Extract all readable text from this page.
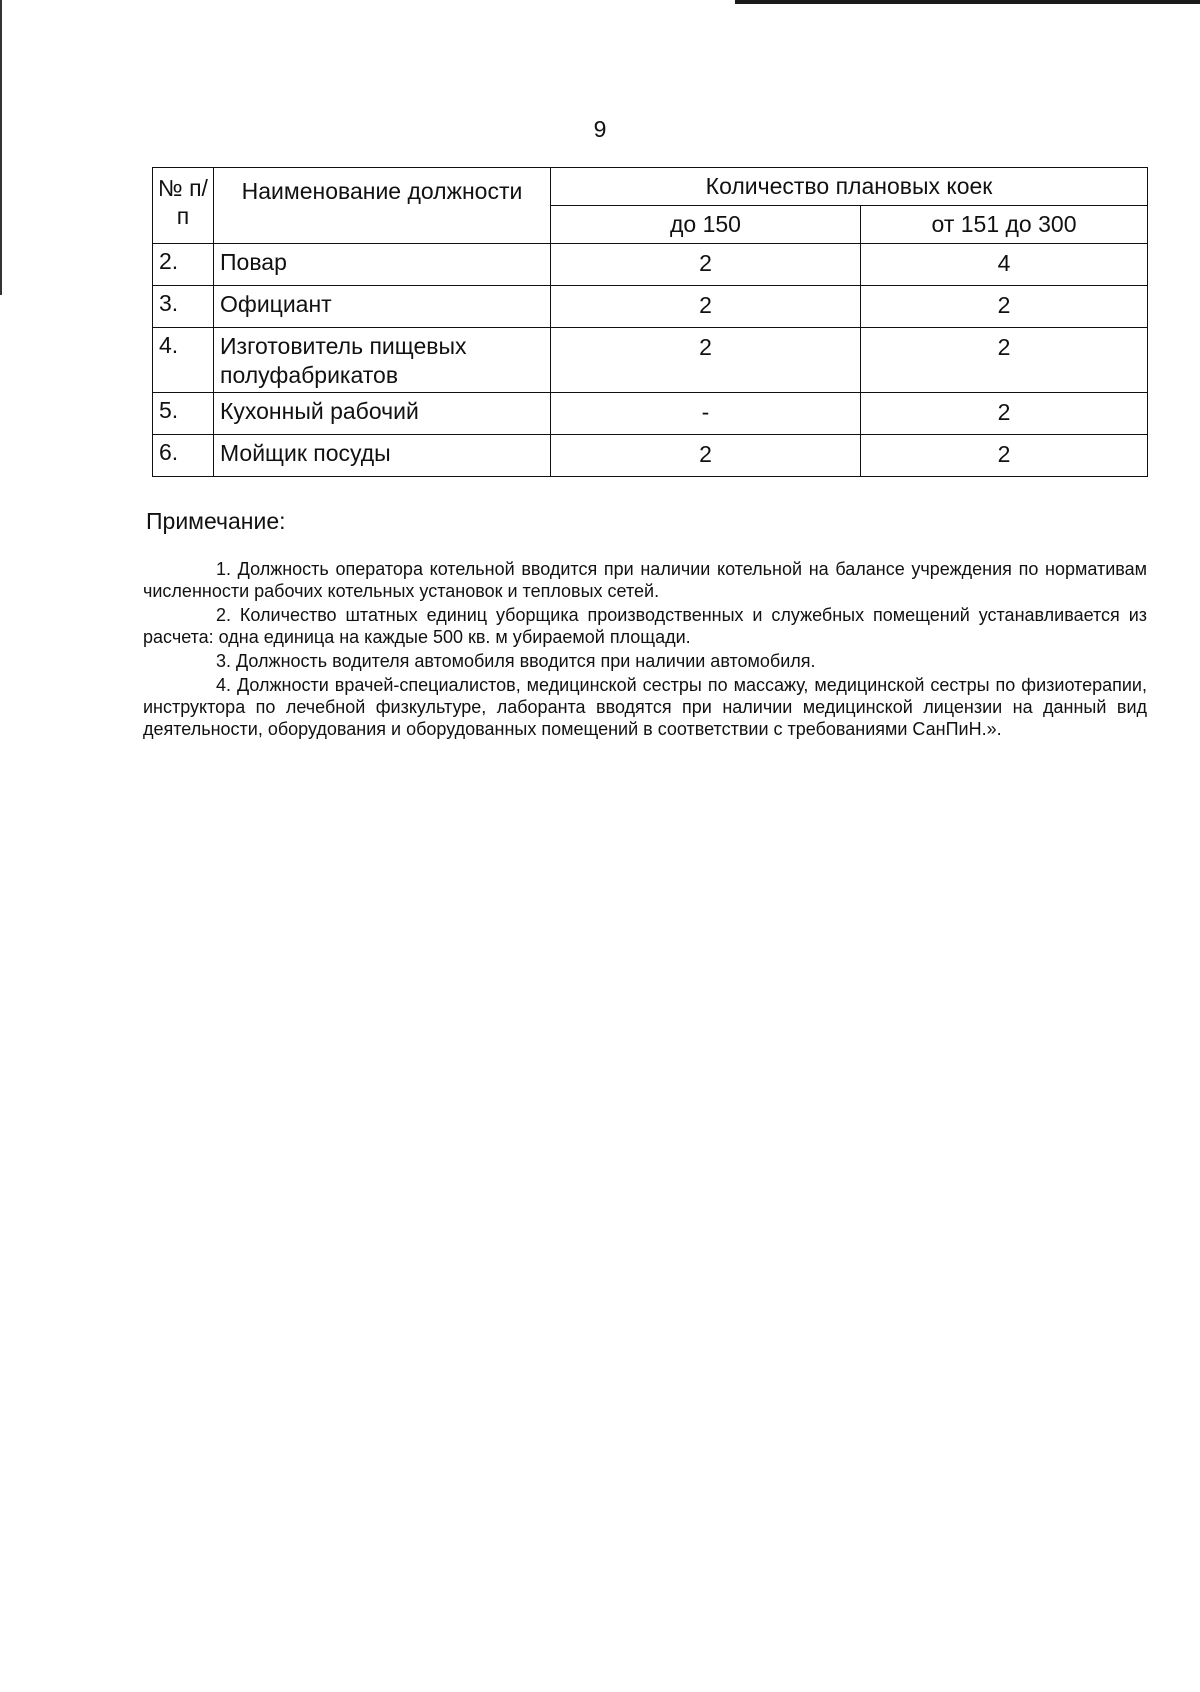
9
№ п/п	Наименование должности	Количество плановых коек	
		до 150	от 151 до 300
2.	Повар	2	4
3.	Официант	2	2
4.	Изготовитель пищевых полуфабрикатов	2	2
5.	Кухонный рабочий	-	2
6.	Мойщик посуды	2	2
Примечание:

1. Должность оператора котельной вводится при наличии котельной на балансе учреждения по нормативам численности рабочих котельных установок и тепловых сетей.

2. Количество штатных единиц уборщика производственных и служебных помещений устанавливается из расчета: одна единица на каждые 500 кв. м убираемой площади.

3. Должность водителя автомобиля вводится при наличии автомобиля.

4. Должности врачей-специалистов, медицинской сестры по массажу, медицинской сестры по физиотерапии, инструктора по лечебной физкультуре, лаборанта вводятся при наличии медицинской лицензии на данный вид деятельности, оборудования и оборудованных помещений в соответствии с требованиями СанПиН.».
